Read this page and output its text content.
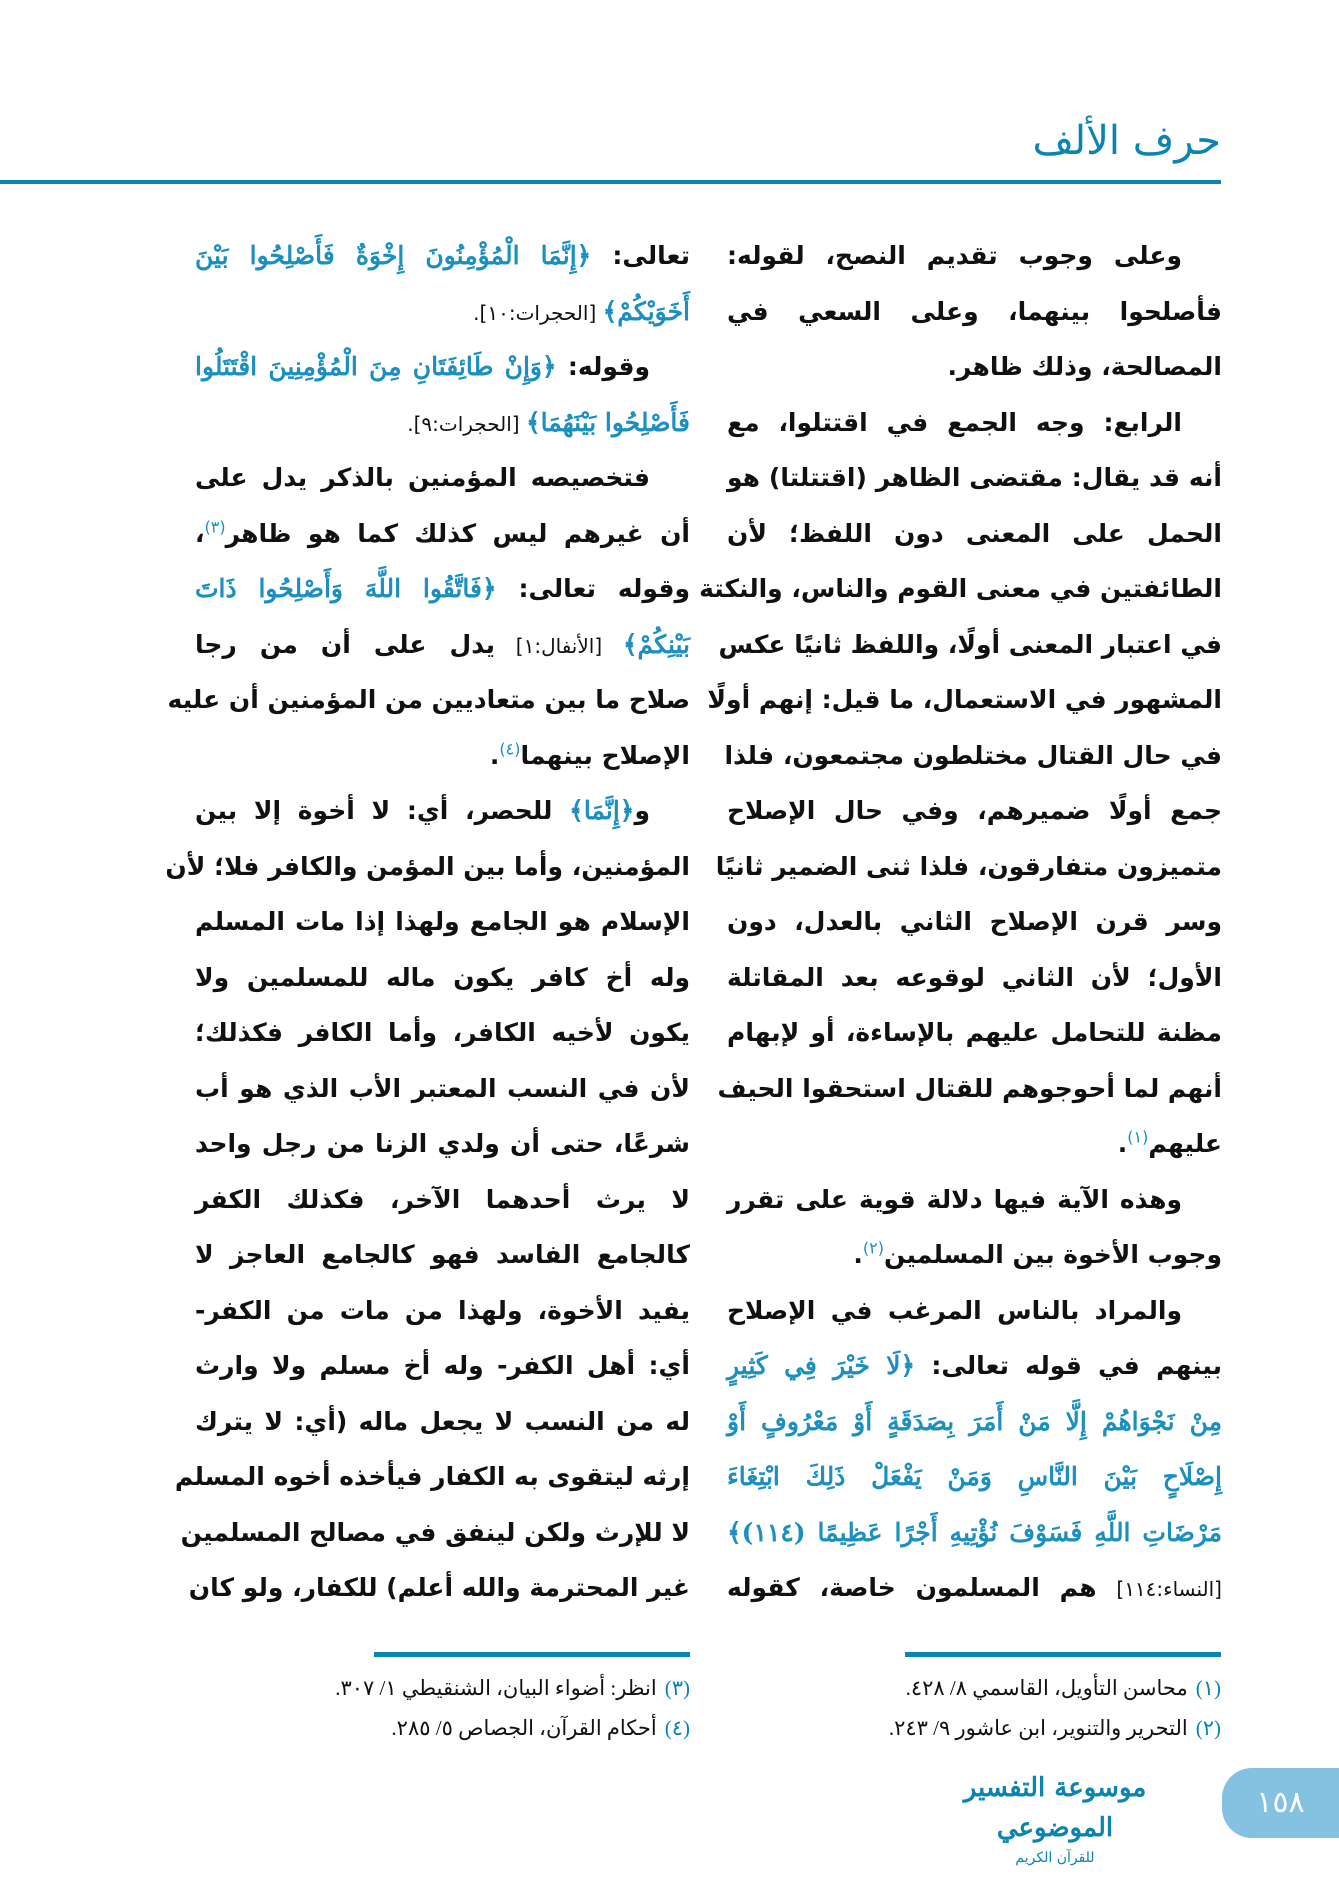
حرف الألف
وعلى وجوب تقديم النصح، لقوله:
فأصلحوا بينهما، وعلى السعي في
المصالحة، وذلك ظاهر.
الرابع: وجه الجمع في اقتتلوا، مع
أنه قد يقال: مقتضى الظاهر (اقتتلتا) هو
الحمل على المعنى دون اللفظ؛ لأن
الطائفتين في معنى القوم والناس، والنكتة
في اعتبار المعنى أولًا، واللفظ ثانيًا عكس
المشهور في الاستعمال، ما قيل: إنهم أولًا
في حال القتال مختلطون مجتمعون، فلذا
جمع أولًا ضميرهم، وفي حال الإصلاح
متميزون متفارقون، فلذا ثنى الضمير ثانيًا
وسر قرن الإصلاح الثاني بالعدل، دون
الأول؛ لأن الثاني لوقوعه بعد المقاتلة
مظنة للتحامل عليهم بالإساءة، أو لإبهام
أنهم لما أحوجوهم للقتال استحقوا الحيف
عليهم$^{(١)}$.
وهذه الآية فيها دلالة قوية على تقرر
وجوب الأخوة بين المسلمين$^{(٢)}$.
والمراد بالناس المرغب في الإصلاح
بينهم في قوله تعالى: ﴿لَا خَيْرَ فِي كَثِيرٍ
مِنْ نَجْوَاهُمْ إِلَّا مَنْ أَمَرَ بِصَدَقَةٍ أَوْ مَعْرُوفٍ أَوْ
إِصْلَاحٍ بَيْنَ النَّاسِ وَمَنْ يَفْعَلْ ذَلِكَ ابْتِغَاءَ
مَرْضَاتِ اللَّهِ فَسَوْفَ نُؤْتِيهِ أَجْرًا عَظِيمًا (١١٤)﴾
[النساء:١١٤] هم المسلمون خاصة، كقوله
تعالى: ﴿إِنَّمَا الْمُؤْمِنُونَ إِخْوَةٌ فَأَصْلِحُوا بَيْنَ
أَخَوَيْكُمْ﴾ [الحجرات:١٠].
وقوله: ﴿وَإِنْ طَائِفَتَانِ مِنَ الْمُؤْمِنِينَ اقْتَتَلُوا
فَأَصْلِحُوا بَيْنَهُمَا﴾ [الحجرات:٩].
فتخصيصه المؤمنين بالذكر يدل على
أن غيرهم ليس كذلك كما هو ظاهر$^{(٣)}$،
وقوله تعالى: ﴿فَاتَّقُوا اللَّهَ وَأَصْلِحُوا ذَاتَ
بَيْنِكُمْ﴾ [الأنفال:١] يدل على أن من رجا
صلاح ما بين متعاديين من المؤمنين أن عليه
الإصلاح بينهما$^{(٤)}$.
و﴿إِنَّمَا﴾ للحصر، أي: لا أخوة إلا بين
المؤمنين، وأما بين المؤمن والكافر فلا؛ لأن
الإسلام هو الجامع ولهذا إذا مات المسلم
وله أخ كافر يكون ماله للمسلمين ولا
يكون لأخيه الكافر، وأما الكافر فكذلك؛
لأن في النسب المعتبر الأب الذي هو أب
شرعًا، حتى أن ولدي الزنا من رجل واحد
لا يرث أحدهما الآخر، فكذلك الكفر
كالجامع الفاسد فهو كالجامع العاجز لا
يفيد الأخوة، ولهذا من مات من الكفر-
أي: أهل الكفر- وله أخ مسلم ولا وارث
له من النسب لا يجعل ماله (أي: لا يترك
إرثه ليتقوى به الكفار فيأخذه أخوه المسلم
لا للإرث ولكن لينفق في مصالح المسلمين
غير المحترمة والله أعلم) للكفار، ولو كان
(١)محاسن التأويل، القاسمي ٨/ ٤٢٨.
(٢)التحرير والتنوير، ابن عاشور ٩/ ٢٤٣.
(٣)انظر: أضواء البيان، الشنقيطي ١/ ٣٠٧.
(٤)أحكام القرآن، الجصاص ٥/ ٢٨٥.
موسوعة التفسير الموضوعي
للقرآن الكريم
١٥٨
